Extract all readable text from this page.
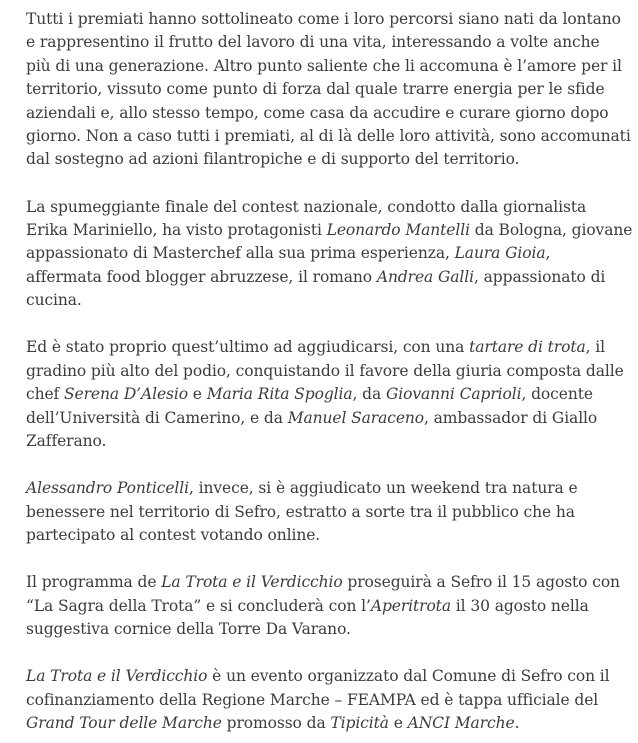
Tutti i premiati hanno sottolineato come i loro percorsi siano nati da lontano
e rappresentino il frutto del lavoro di una vita, interessando a volte anche
più di una generazione. Altro punto saliente che li accomuna è l’amore per il
territorio, vissuto come punto di forza dal quale trarre energia per le sfide
aziendali e, allo stesso tempo, come casa da accudire e curare giorno dopo
giorno. Non a caso tutti i premiati, al di là delle loro attività, sono accomunati
dal sostegno ad azioni filantropiche e di supporto del territorio.

La spumeggiante finale del contest nazionale, condotto dalla giornalista
Erika Mariniello, ha visto protagonisti Leonardo Mantelli da Bologna, giovane
appassionato di Masterchef alla sua prima esperienza, Laura Gioia,
affermata food blogger abruzzese, il romano Andrea Galli, appassionato di
cucina.

Ed è stato proprio quest’ultimo ad aggiudicarsi, con una tartare di trota, il
gradino più alto del podio, conquistando il favore della giuria composta dalle
chef Serena D’Alesio e Maria Rita Spoglia, da Giovanni Caprioli, docente
dell’Università di Camerino, e da Manuel Saraceno, ambassador di Giallo
Zafferano.

Alessandro Ponticelli, invece, si è aggiudicato un weekend tra natura e
benessere nel territorio di Sefro, estratto a sorte tra il pubblico che ha
partecipato al contest votando online.

Il programma de La Trota e il Verdicchio proseguirà a Sefro il 15 agosto con
“La Sagra della Trota” e si concluderà con l’Aperitrota il 30 agosto nella
suggestiva cornice della Torre Da Varano.

La Trota e il Verdicchio è un evento organizzato dal Comune di Sefro con il
cofinanziamento della Regione Marche – FEAMPA ed è tappa ufficiale del
Grand Tour delle Marche promosso da Tipicità e ANCI Marche.
